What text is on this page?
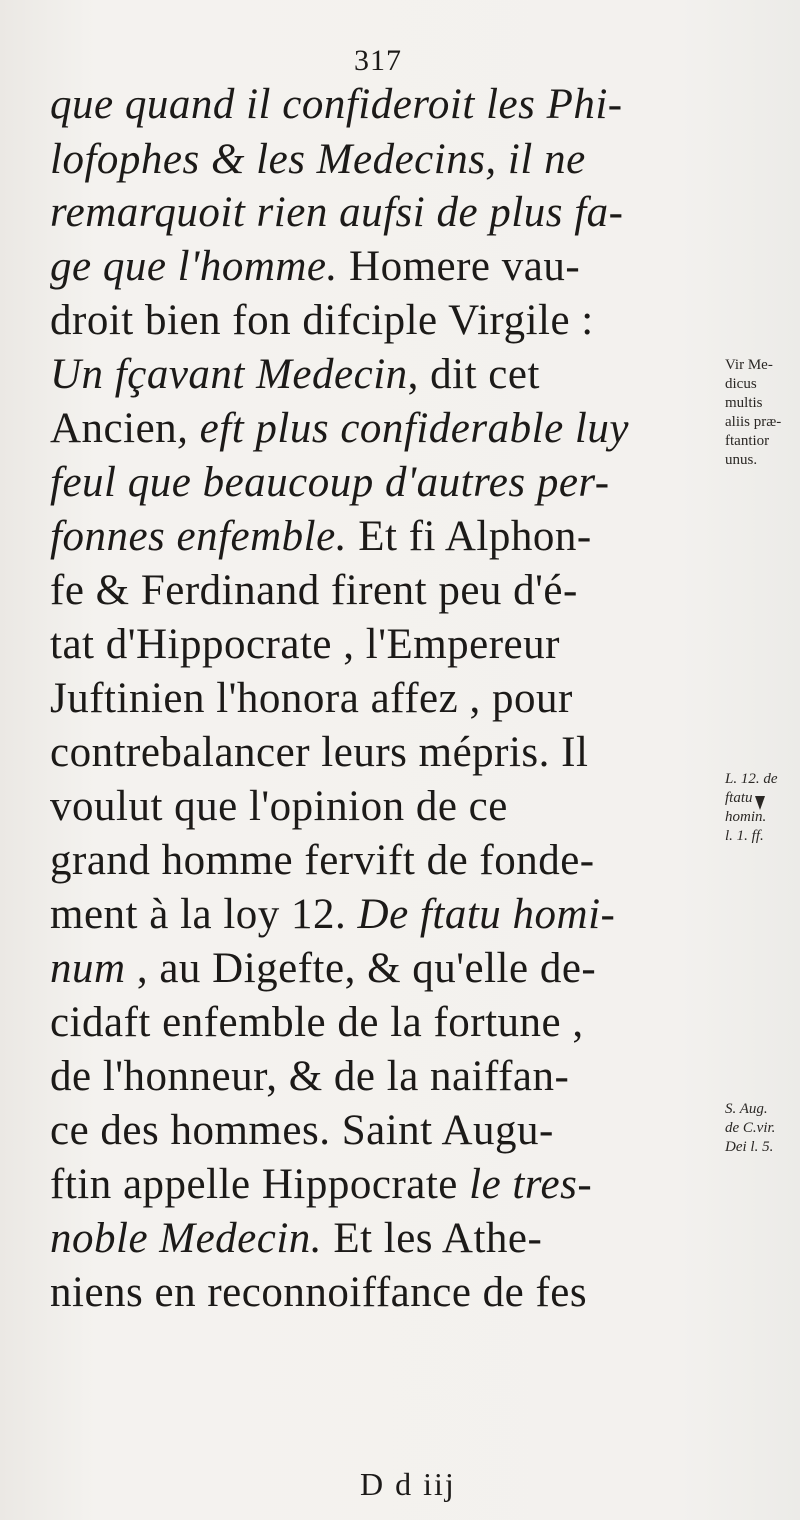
317
que quand il confideroit les Phi-
lofophes & les Medecins, il ne
remarquoit rien aufsi de plus fa-
ge que l'homme. Homere vau-
droit bien fon difciple Virgile :
Un fçavant Medecin, dit cet
Ancien, eft plus confiderable luy
feul que beaucoup d'autres per-
fonnes enfemble. Et fi Alphon-
fe & Ferdinand firent peu d'é-
tat d'Hippocrate , l'Empereur
Juftinien l'honora affez , pour
contrebalancer leurs mépris. Il
voulut que l'opinion de ce
grand homme fervift de fonde-
ment à la loy 12. De ftatu homi-
num , au Digefte, & qu'elle de-
cidaft enfemble de la fortune ,
de l'honneur, & de la naiffan-
ce des hommes. Saint Augu-
ftin appelle Hippocrate le tres-
noble Medecin. Et les Athe-
niens en reconnoiffance de fes
Vir Me-
dicus
multis
aliis præ-
ftantior
unus.
L. 12. de
ftatu
homin.
l. 1. ff.
S. Aug.
de C.vir.
Dei l. 5.
D d iij
